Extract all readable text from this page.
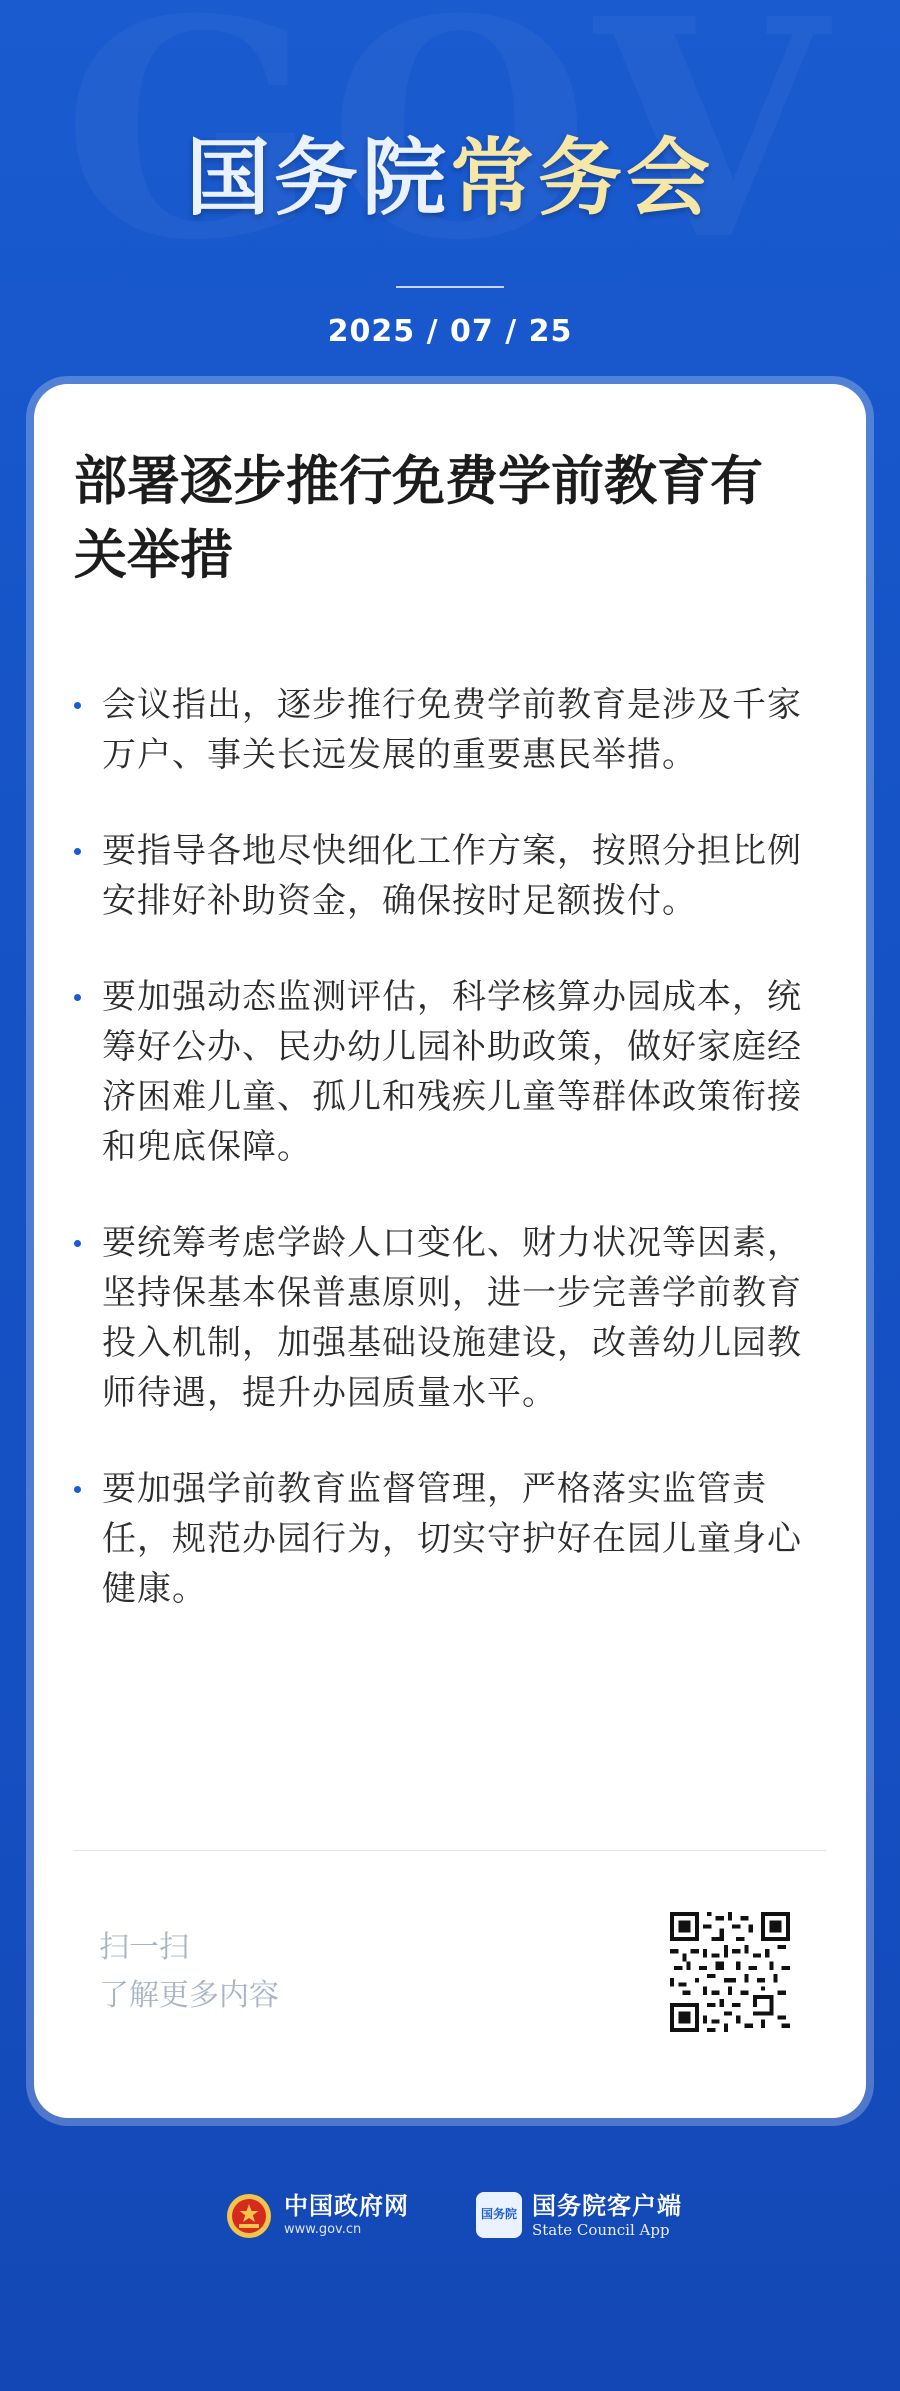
国务院常务会
2025 / 07 / 25
部署逐步推行免费学前教育有关举措
会议指出，逐步推行免费学前教育是涉及千家万户、事关长远发展的重要惠民举措。
要指导各地尽快细化工作方案，按照分担比例安排好补助资金，确保按时足额拨付。
要加强动态监测评估，科学核算办园成本，统筹好公办、民办幼儿园补助政策，做好家庭经济困难儿童、孤儿和残疾儿童等群体政策衔接和兜底保障。
要统筹考虑学龄人口变化、财力状况等因素，坚持保基本保普惠原则，进一步完善学前教育投入机制，加强基础设施建设，改善幼儿园教师待遇，提升办园质量水平。
要加强学前教育监督管理，严格落实监管责任，规范办园行为，切实守护好在园儿童身心健康。
扫一扫
了解更多内容
中国政府网
www.gov.cn
国务院 国务院客户端
State Council App
